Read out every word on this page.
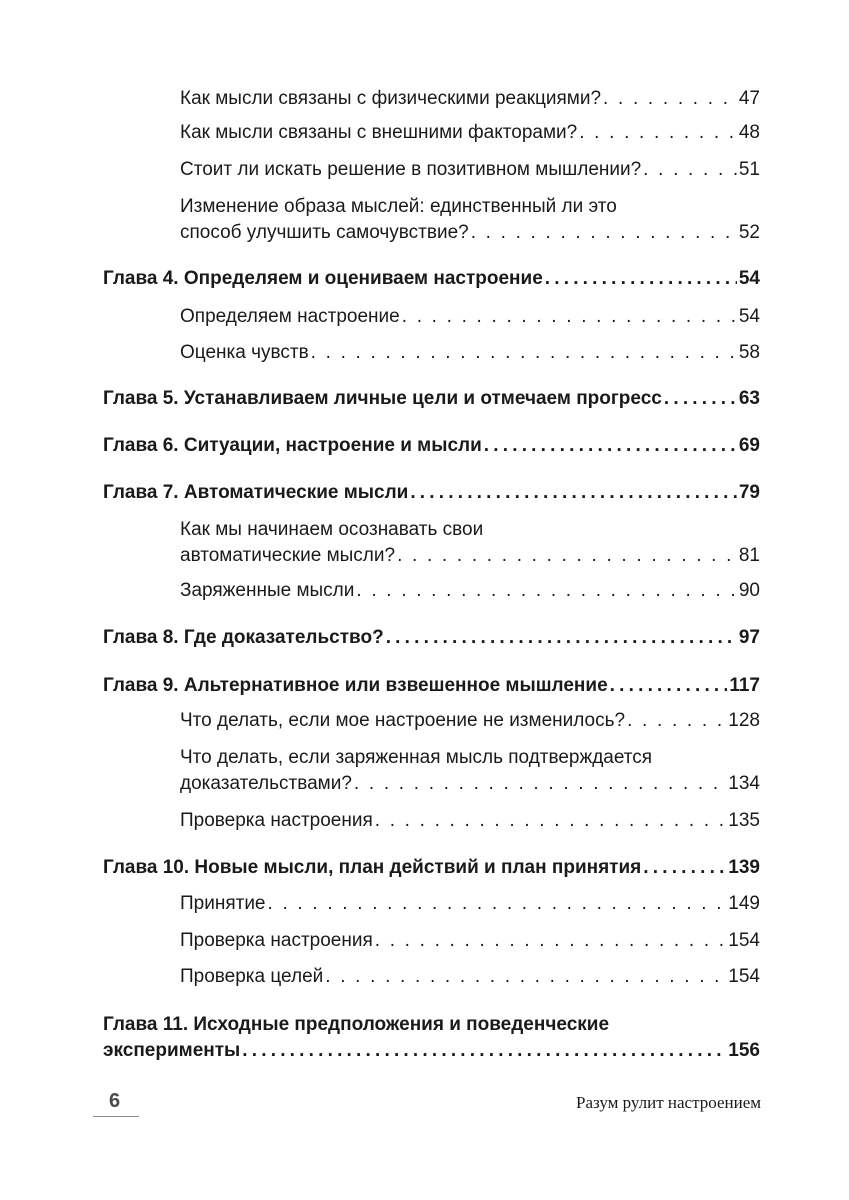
Как мысли связаны с физическими реакциями? . . .	47
Как мысли связаны с внешними факторами? . . .	48
Стоит ли искать решение в позитивном мышлении? . . .	51
Изменение образа мыслей: единственный ли это
способ улучшить самочувствие? . . .	52
Глава 4. Определяем и оцениваем настроение .....	54
Определяем настроение . . .	54
Оценка чувств . . .	58
Глава 5. Устанавливаем личные цели и отмечаем прогресс .....	63
Глава 6. Ситуации, настроение и мысли .....	69
Глава 7. Автоматические мысли .....	79
Как мы начинаем осознавать свои
автоматические мысли? . . .	81
Заряженные мысли . . .	90
Глава 8. Где доказательство? .....	97
Глава 9. Альтернативное или взвешенное мышление .....	117
Что делать, если мое настроение не изменилось? . . .	128
Что делать, если заряженная мысль подтверждается
доказательствами? . . .	134
Проверка настроения . . .	135
Глава 10. Новые мысли, план действий и план принятия .....	139
Принятие . . .	149
Проверка настроения . . .	154
Проверка целей . . .	154
Глава 11. Исходные предположения и поведенческие
эксперименты .....	156
6	Разум рулит настроением
